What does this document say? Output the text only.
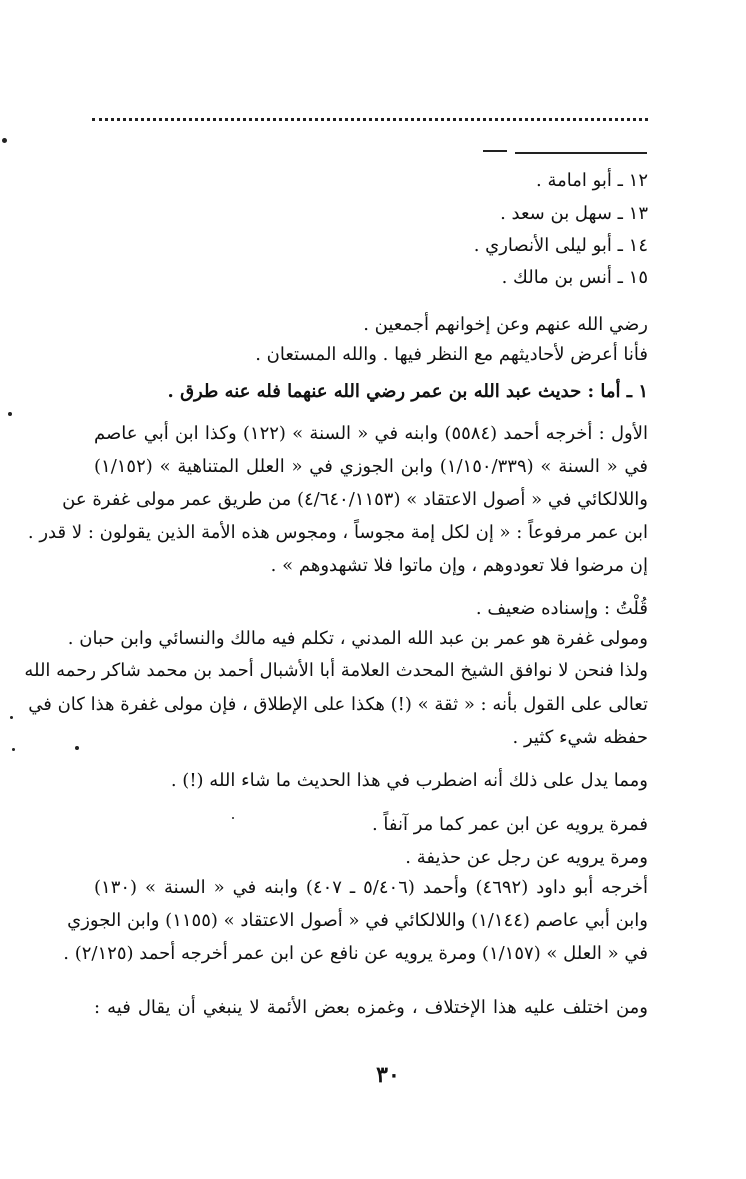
١٢ ـ أبو امامة .
١٣ ـ سهل بن سعد .
١٤ ـ أبو ليلى الأنصاري .
١٥ ـ أنس بن مالك .
رضي الله عنهم وعن إخوانهم أجمعين .
فأنا أعرض لأحاديثهم مع النظر فيها . والله المستعان .
١ ـ أما : حديث عبد الله بن عمر رضي الله عنهما فله عنه طرق .
الأول : أخرجه أحمد (٥٥٨٤) وابنه في « السنة » (١٢٢) وكذا ابن أبي عاصم
في « السنة » (١/١٥٠/٣٣٩) وابن الجوزي في « العلل المتناهية » (١/١٥٢)
واللالكائي في « أصول الاعتقاد » (٤/٦٤٠/١١٥٣) من طريق عمر مولى غفرة عن
ابن عمر مرفوعاً : « إن لكل إمة مجوساً ، ومجوس هذه الأمة الذين يقولون : لا قدر .
إن مرضوا فلا تعودوهم ، وإن ماتوا فلا تشهدوهم » .
قُلْتُ : وإسناده ضعيف .
ومولى غفرة هو عمر بن عبد الله المدني ، تكلم فيه مالك والنسائي وابن حبان .
ولذا فنحن لا نوافق الشيخ المحدث العلامة أبا الأشبال أحمد بن محمد شاكر رحمه الله
تعالى على القول بأنه : « ثقة » (!) هكذا على الإطلاق ، فإن مولى غفرة هذا كان في
حفظه شيء كثير .
ومما يدل على ذلك أنه اضطرب في هذا الحديث ما شاء الله (!) .
فمرة يرويه عن ابن عمر كما مر آنفاً .
ومرة يرويه عن رجل عن حذيفة .
أخرجه أبو داود (٤٦٩٢) وأحمد (٥/٤٠٦ ـ ٤٠٧) وابنه في « السنة » (١٣٠)
وابن أبي عاصم (١/١٤٤) واللالكائي في « أصول الاعتقاد » (١١٥٥) وابن الجوزي
في « العلل » (١/١٥٧) ومرة يرويه عن نافع عن ابن عمر أخرجه أحمد (٢/١٢٥) .
ومن اختلف عليه هذا الإختلاف ، وغمزه بعض الأئمة لا ينبغي أن يقال فيه :
٣٠
